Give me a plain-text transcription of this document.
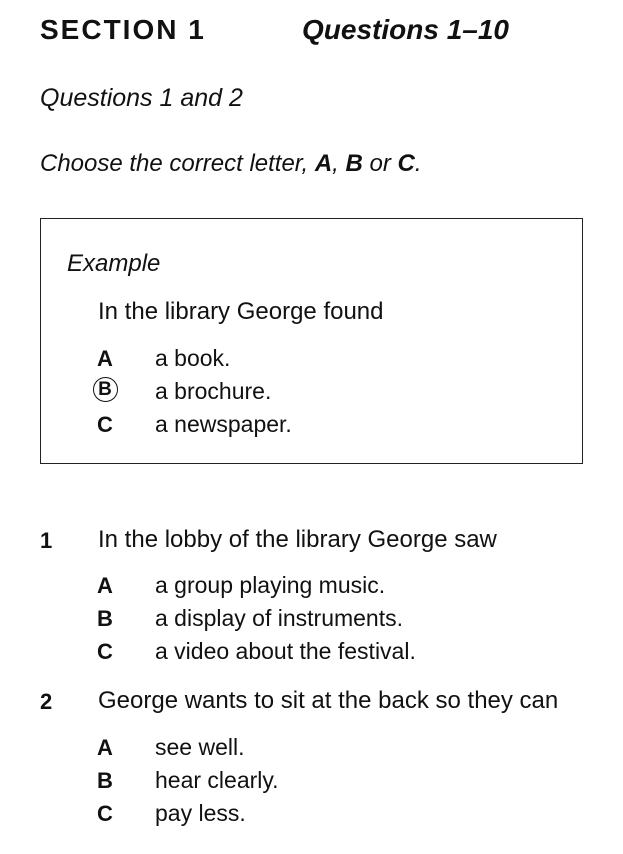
SECTION 1	Questions 1–10
Questions 1 and 2
Choose the correct letter, A, B or C.
Example
In the library George found
A a book.
B a brochure.
C a newspaper.
1 In the lobby of the library George saw
A a group playing music.
B a display of instruments.
C a video about the festival.
2 George wants to sit at the back so they can
A see well.
B hear clearly.
C pay less.
